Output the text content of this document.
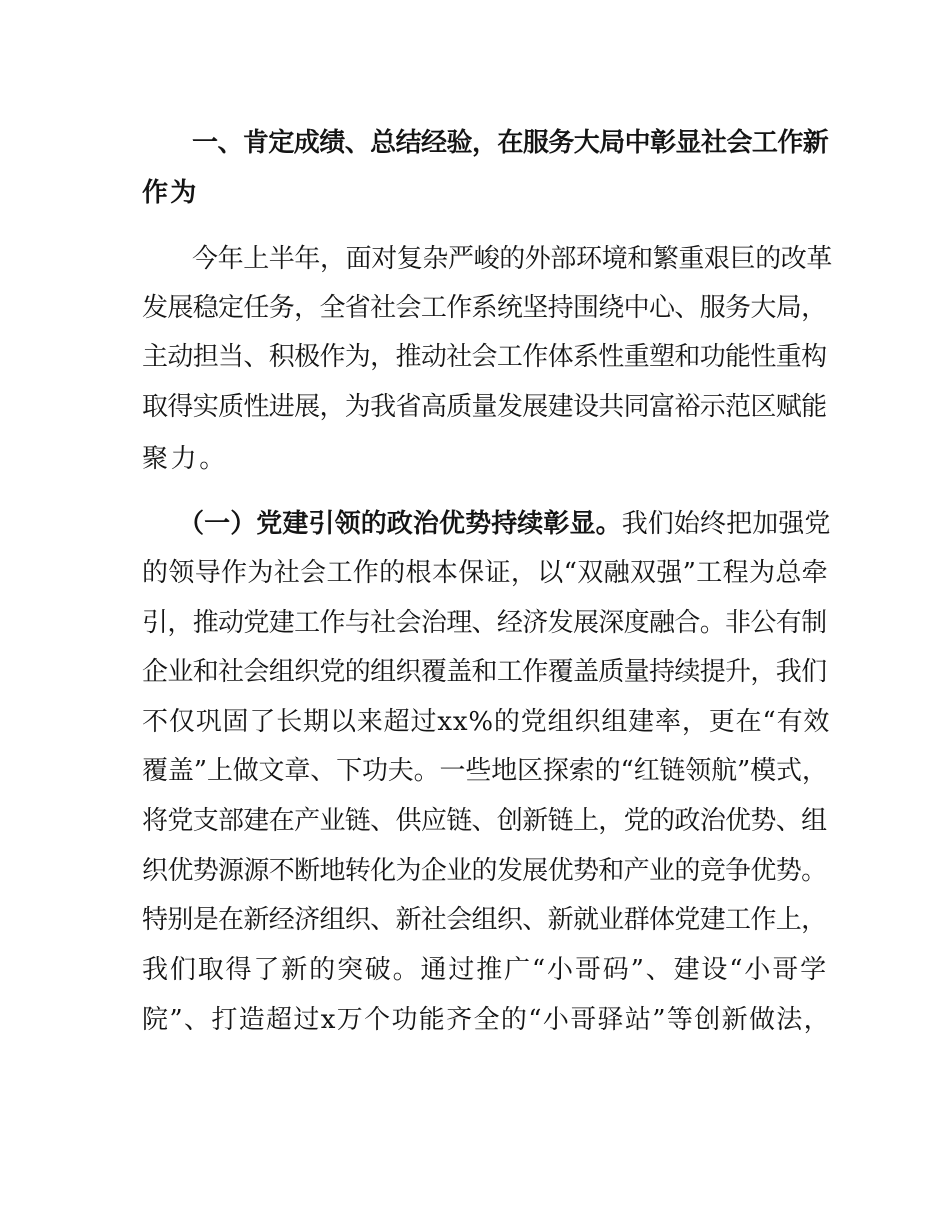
一、肯定成绩、总结经验，在服务大局中彰显社会工作新
作为
今年上半年，面对复杂严峻的外部环境和繁重艰巨的改革
发展稳定任务，全省社会工作系统坚持围绕中心、服务大局，
主动担当、积极作为，推动社会工作体系性重塑和功能性重构
取得实质性进展，为我省高质量发展建设共同富裕示范区赋能
聚力。
（一）党建引领的政治优势持续彰显。我们始终把加强党
的领导作为社会工作的根本保证，以“双融双强”工程为总牵
引，推动党建工作与社会治理、经济发展深度融合。非公有制
企业和社会组织党的组织覆盖和工作覆盖质量持续提升，我们
不仅巩固了长期以来超过xx%的党组织组建率，更在“有效
覆盖”上做文章、下功夫。一些地区探索的“红链领航”模式，
将党支部建在产业链、供应链、创新链上，党的政治优势、组
织优势源源不断地转化为企业的发展优势和产业的竞争优势。
特别是在新经济组织、新社会组织、新就业群体党建工作上，
我们取得了新的突破。通过推广“小哥码”、建设“小哥学
院”、打造超过x万个功能齐全的“小哥驿站”等创新做法，
